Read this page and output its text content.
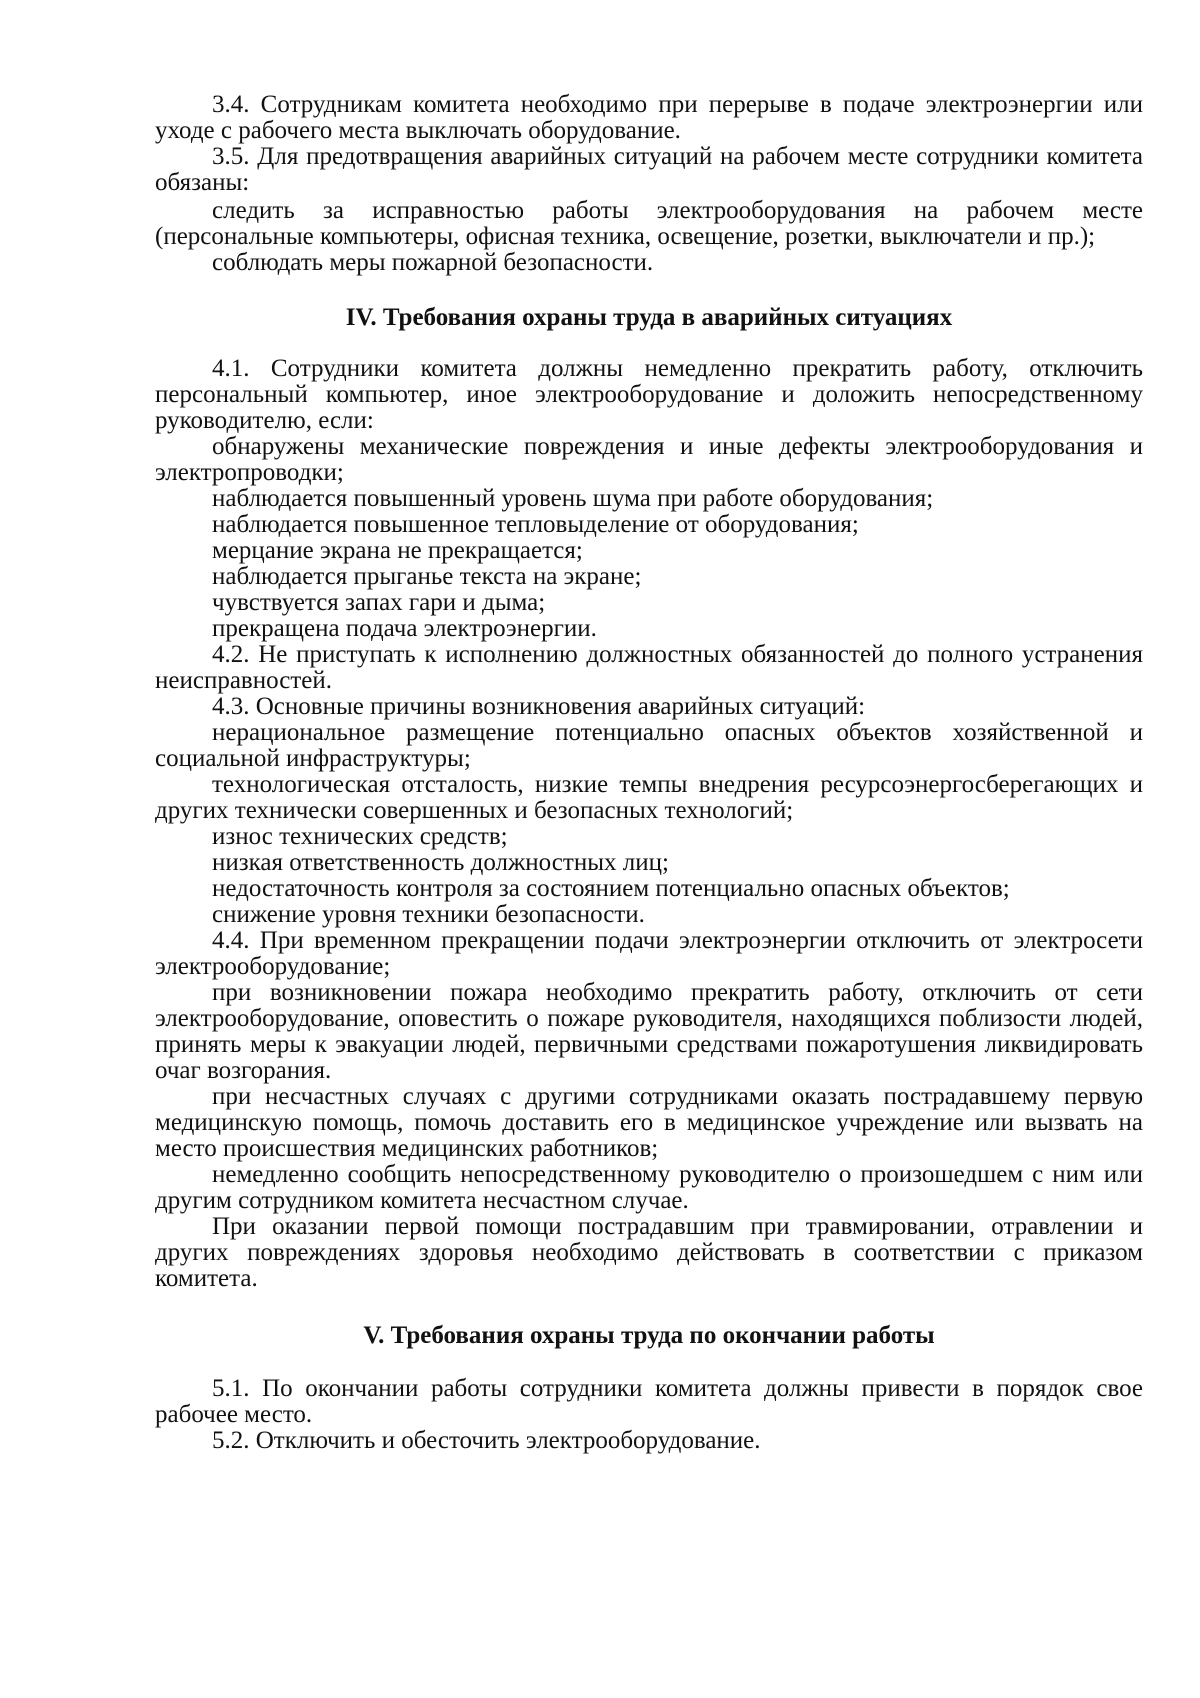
3.4. Сотрудникам комитета необходимо при перерыве в подаче электроэнергии или уходе с рабочего места выключать оборудование.

3.5. Для предотвращения аварийных ситуаций на рабочем месте сотрудники комитета обязаны:

следить за исправностью работы электрооборудования на рабочем месте (персональные компьютеры, офисная техника, освещение, розетки, выключатели и пр.);

соблюдать меры пожарной безопасности.

IV. Требования охраны труда в аварийных ситуациях

4.1. Сотрудники комитета должны немедленно прекратить работу, отключить персональный компьютер, иное электрооборудование и доложить непосредственному руководителю, если:

обнаружены механические повреждения и иные дефекты электрооборудования и электропроводки;

наблюдается повышенный уровень шума при работе оборудования;

наблюдается повышенное тепловыделение от оборудования;

мерцание экрана не прекращается;

наблюдается прыганье текста на экране;

чувствуется запах гари и дыма;

прекращена подача электроэнергии.

4.2. Не приступать к исполнению должностных обязанностей до полного устранения неисправностей.

4.3. Основные причины возникновения аварийных ситуаций:

нерациональное размещение потенциально опасных объектов хозяйственной и социальной инфраструктуры;

технологическая отсталость, низкие темпы внедрения ресурсоэнергосберегающих и других технически совершенных и безопасных технологий;

износ технических средств;

низкая ответственность должностных лиц;

недостаточность контроля за состоянием потенциально опасных объектов;

снижение уровня техники безопасности.

4.4. При временном прекращении подачи электроэнергии отключить от электросети электрооборудование;

при возникновении пожара необходимо прекратить работу, отключить от сети электрооборудование, оповестить о пожаре руководителя, находящихся поблизости людей, принять меры к эвакуации людей, первичными средствами пожаротушения ликвидировать очаг возгорания.

при несчастных случаях с другими сотрудниками оказать пострадавшему первую медицинскую помощь, помочь доставить его в медицинское учреждение или вызвать на место происшествия медицинских работников;

немедленно сообщить непосредственному руководителю о произошедшем с ним или другим сотрудником комитета несчастном случае.

При оказании первой помощи пострадавшим при травмировании, отравлении и других повреждениях здоровья необходимо действовать в соответствии с приказом комитета.

V. Требования охраны труда по окончании работы

5.1. По окончании работы сотрудники комитета должны привести в порядок свое рабочее место.

5.2. Отключить и обесточить электрооборудование.
